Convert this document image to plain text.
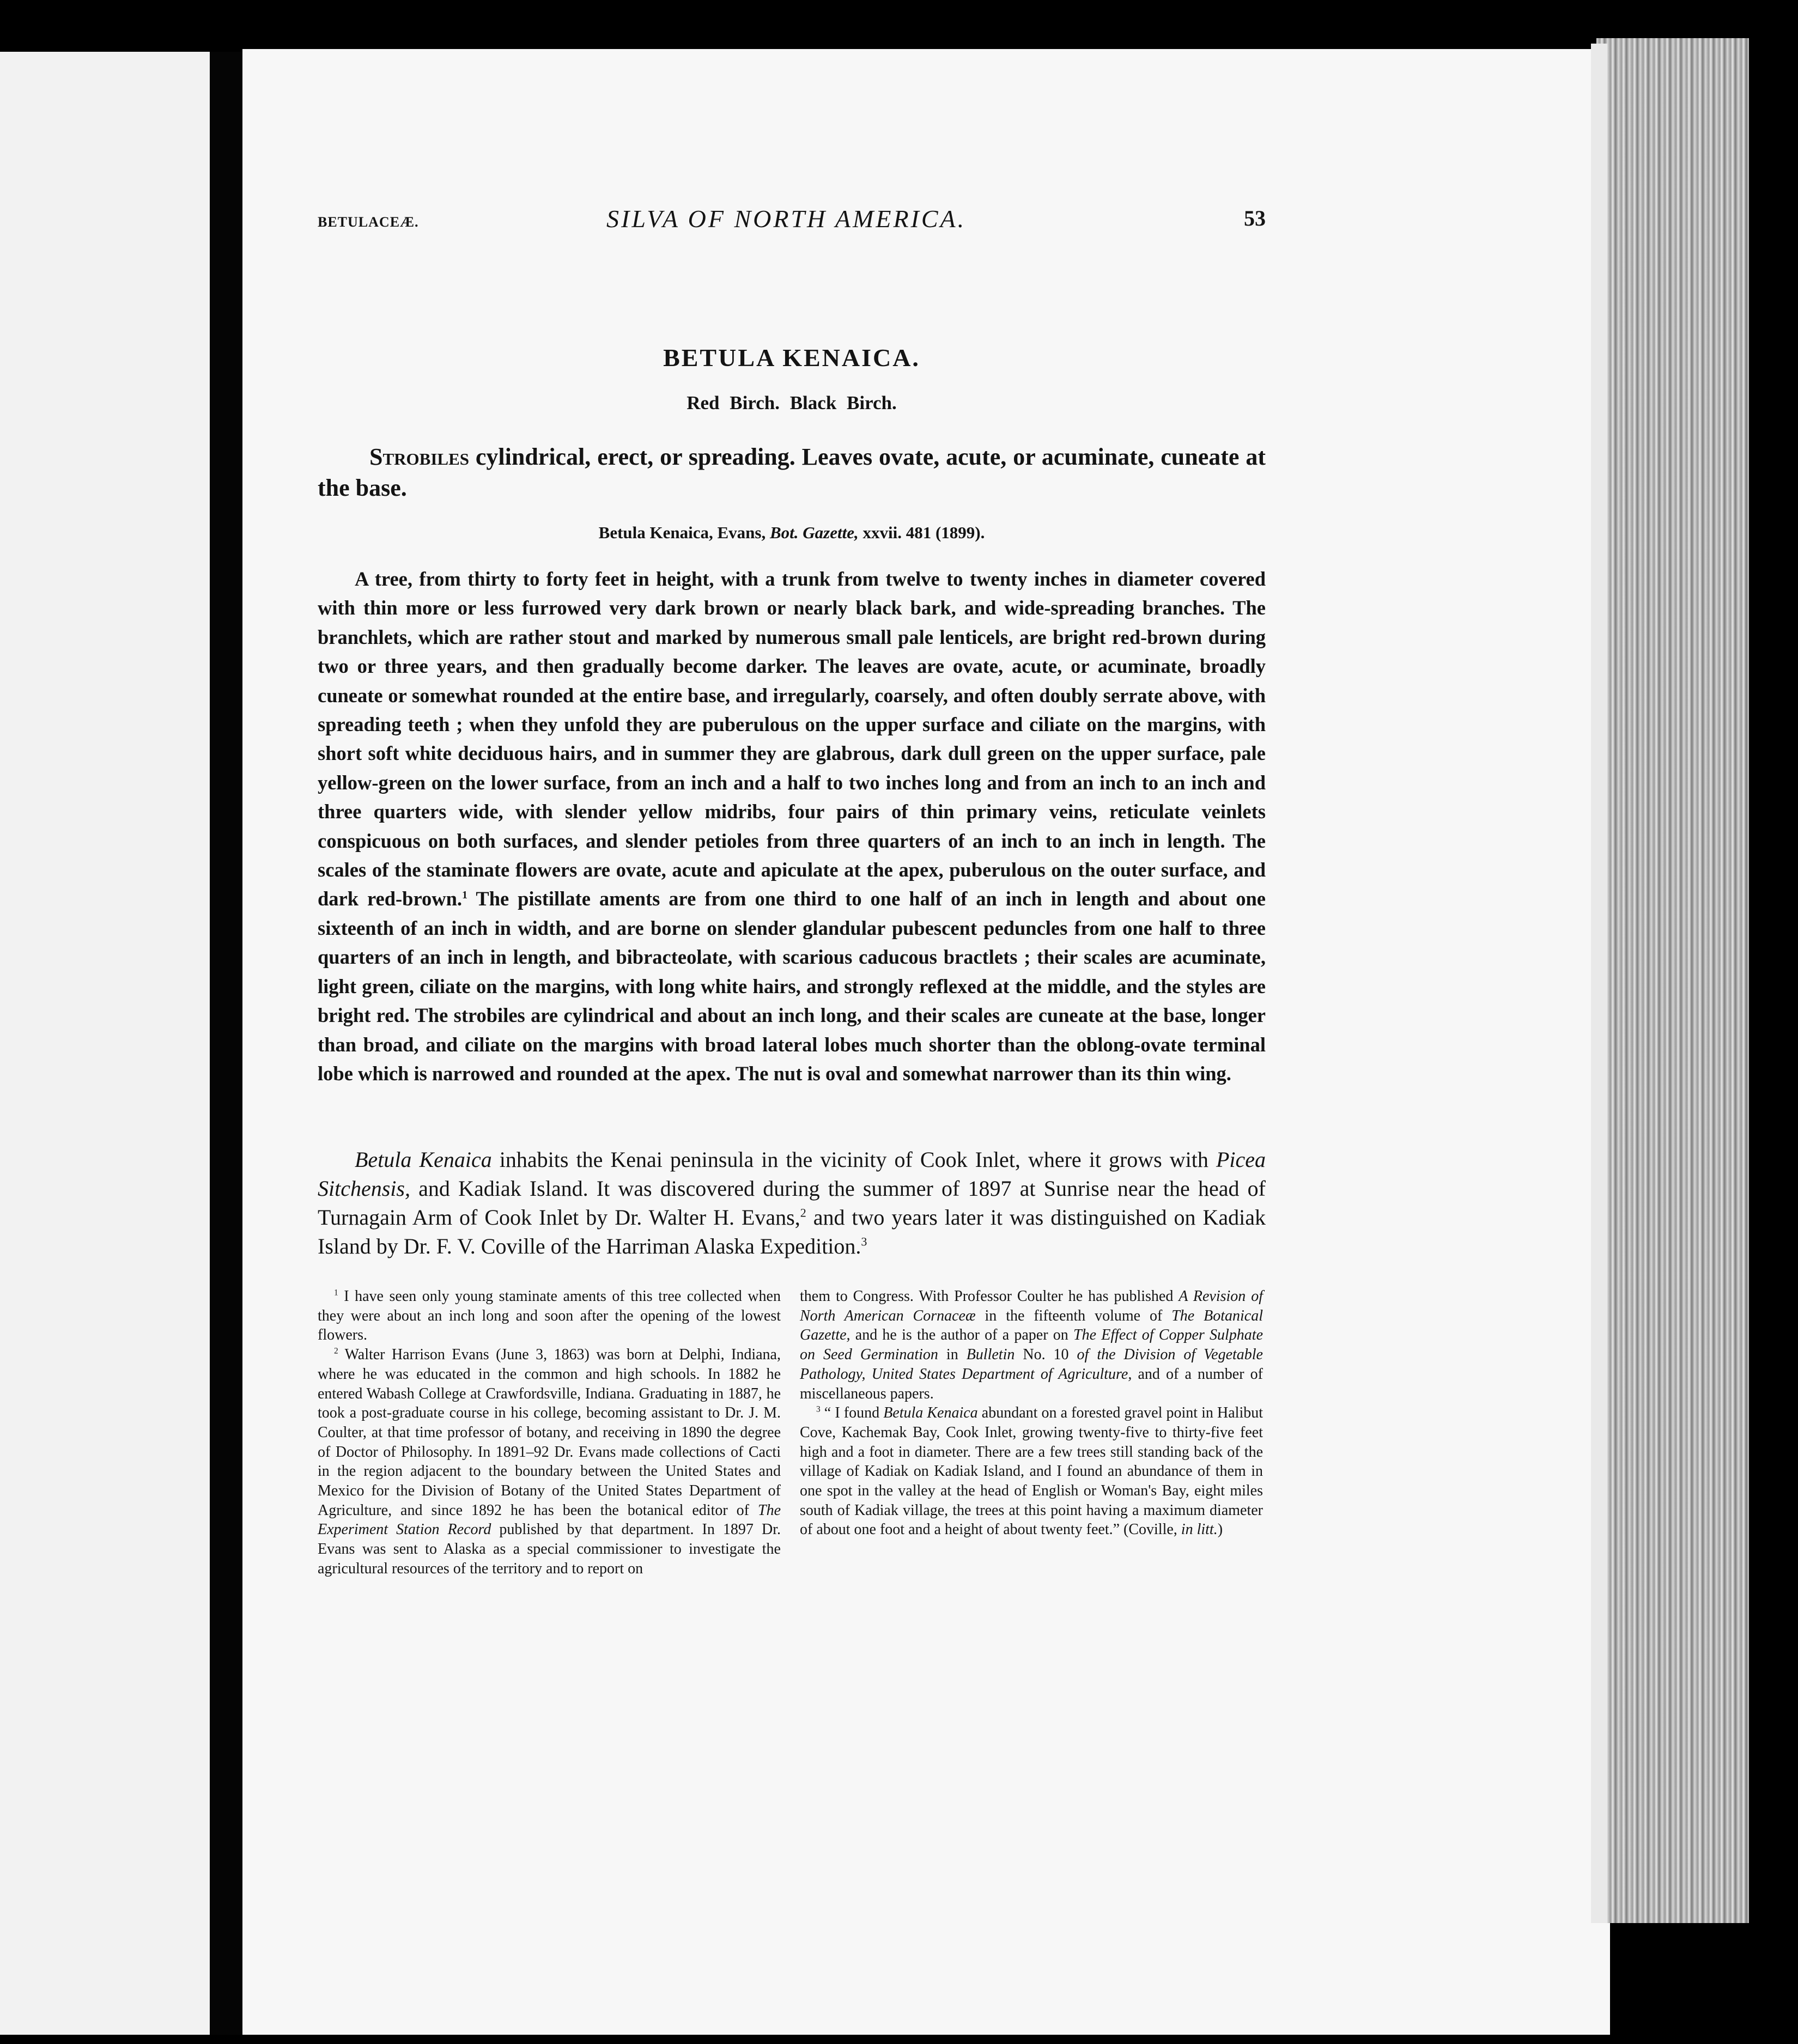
BETULACEÆ.	SILVA OF NORTH AMERICA.	53
BETULA KENAICA.
Red Birch. Black Birch.
Strobiles cylindrical, erect, or spreading. Leaves ovate, acute, or acuminate, cuneate at the base.
Betula Kenaica, Evans, Bot. Gazette, xxvii. 481 (1899).

A tree, from thirty to forty feet in height, with a trunk from twelve to twenty inches in diameter covered with thin more or less furrowed very dark brown or nearly black bark, and wide-spreading branches. The branchlets, which are rather stout and marked by numerous small pale lenticels, are bright red-brown during two or three years, and then gradually become darker. The leaves are ovate, acute, or acuminate, broadly cuneate or somewhat rounded at the entire base, and irregularly, coarsely, and often doubly serrate above, with spreading teeth ; when they unfold they are puberulous on the upper surface and ciliate on the margins, with short soft white deciduous hairs, and in summer they are glabrous, dark dull green on the upper surface, pale yellow-green on the lower surface, from an inch and a half to two inches long and from an inch to an inch and three quarters wide, with slender yellow midribs, four pairs of thin primary veins, reticulate veinlets conspicuous on both surfaces, and slender petioles from three quarters of an inch to an inch in length. The scales of the staminate flowers are ovate, acute and apiculate at the apex, puberulous on the outer surface, and dark red-brown.$^1$ The pistillate aments are from one third to one half of an inch in length and about one sixteenth of an inch in width, and are borne on slender glandular pubescent peduncles from one half to three quarters of an inch in length, and bibracteolate, with scarious caducous bractlets ; their scales are acuminate, light green, ciliate on the margins, with long white hairs, and strongly reflexed at the middle, and the styles are bright red. The strobiles are cylindrical and about an inch long, and their scales are cuneate at the base, longer than broad, and ciliate on the margins with broad lateral lobes much shorter than the oblong-ovate terminal lobe which is narrowed and rounded at the apex. The nut is oval and somewhat narrower than its thin wing.

Betula Kenaica inhabits the Kenai peninsula in the vicinity of Cook Inlet, where it grows with Picea Sitchensis, and Kadiak Island. It was discovered during the summer of 1897 at Sunrise near the head of Turnagain Arm of Cook Inlet by Dr. Walter H. Evans,$^2$ and two years later it was distinguished on Kadiak Island by Dr. F. V. Coville of the Harriman Alaska Expedition.$^3$

$^1$ I have seen only young staminate aments of this tree collected when they were about an inch long and soon after the opening of the lowest flowers.

$^2$ Walter Harrison Evans (June 3, 1863) was born at Delphi, Indiana, where he was educated in the common and high schools. In 1882 he entered Wabash College at Crawfordsville, Indiana. Graduating in 1887, he took a post-graduate course in his college, becoming assistant to Dr. J. M. Coulter, at that time professor of botany, and receiving in 1890 the degree of Doctor of Philosophy. In 1891–92 Dr. Evans made collections of Cacti in the region adjacent to the boundary between the United States and Mexico for the Division of Botany of the United States Department of Agriculture, and since 1892 he has been the botanical editor of The Experiment Station Record published by that department. In 1897 Dr. Evans was sent to Alaska as a special commissioner to investigate the agricultural resources of the territory and to report on

them to Congress. With Professor Coulter he has published A Revision of North American Cornaceæ in the fifteenth volume of The Botanical Gazette, and he is the author of a paper on The Effect of Copper Sulphate on Seed Germination in Bulletin No. 10 of the Division of Vegetable Pathology, United States Department of Agriculture, and of a number of miscellaneous papers.

$^3$ “ I found Betula Kenaica abundant on a forested gravel point in Halibut Cove, Kachemak Bay, Cook Inlet, growing twenty-five to thirty-five feet high and a foot in diameter. There are a few trees still standing back of the village of Kadiak on Kadiak Island, and I found an abundance of them in one spot in the valley at the head of English or Woman's Bay, eight miles south of Kadiak village, the trees at this point having a maximum diameter of about one foot and a height of about twenty feet.” (Coville, in litt.)
